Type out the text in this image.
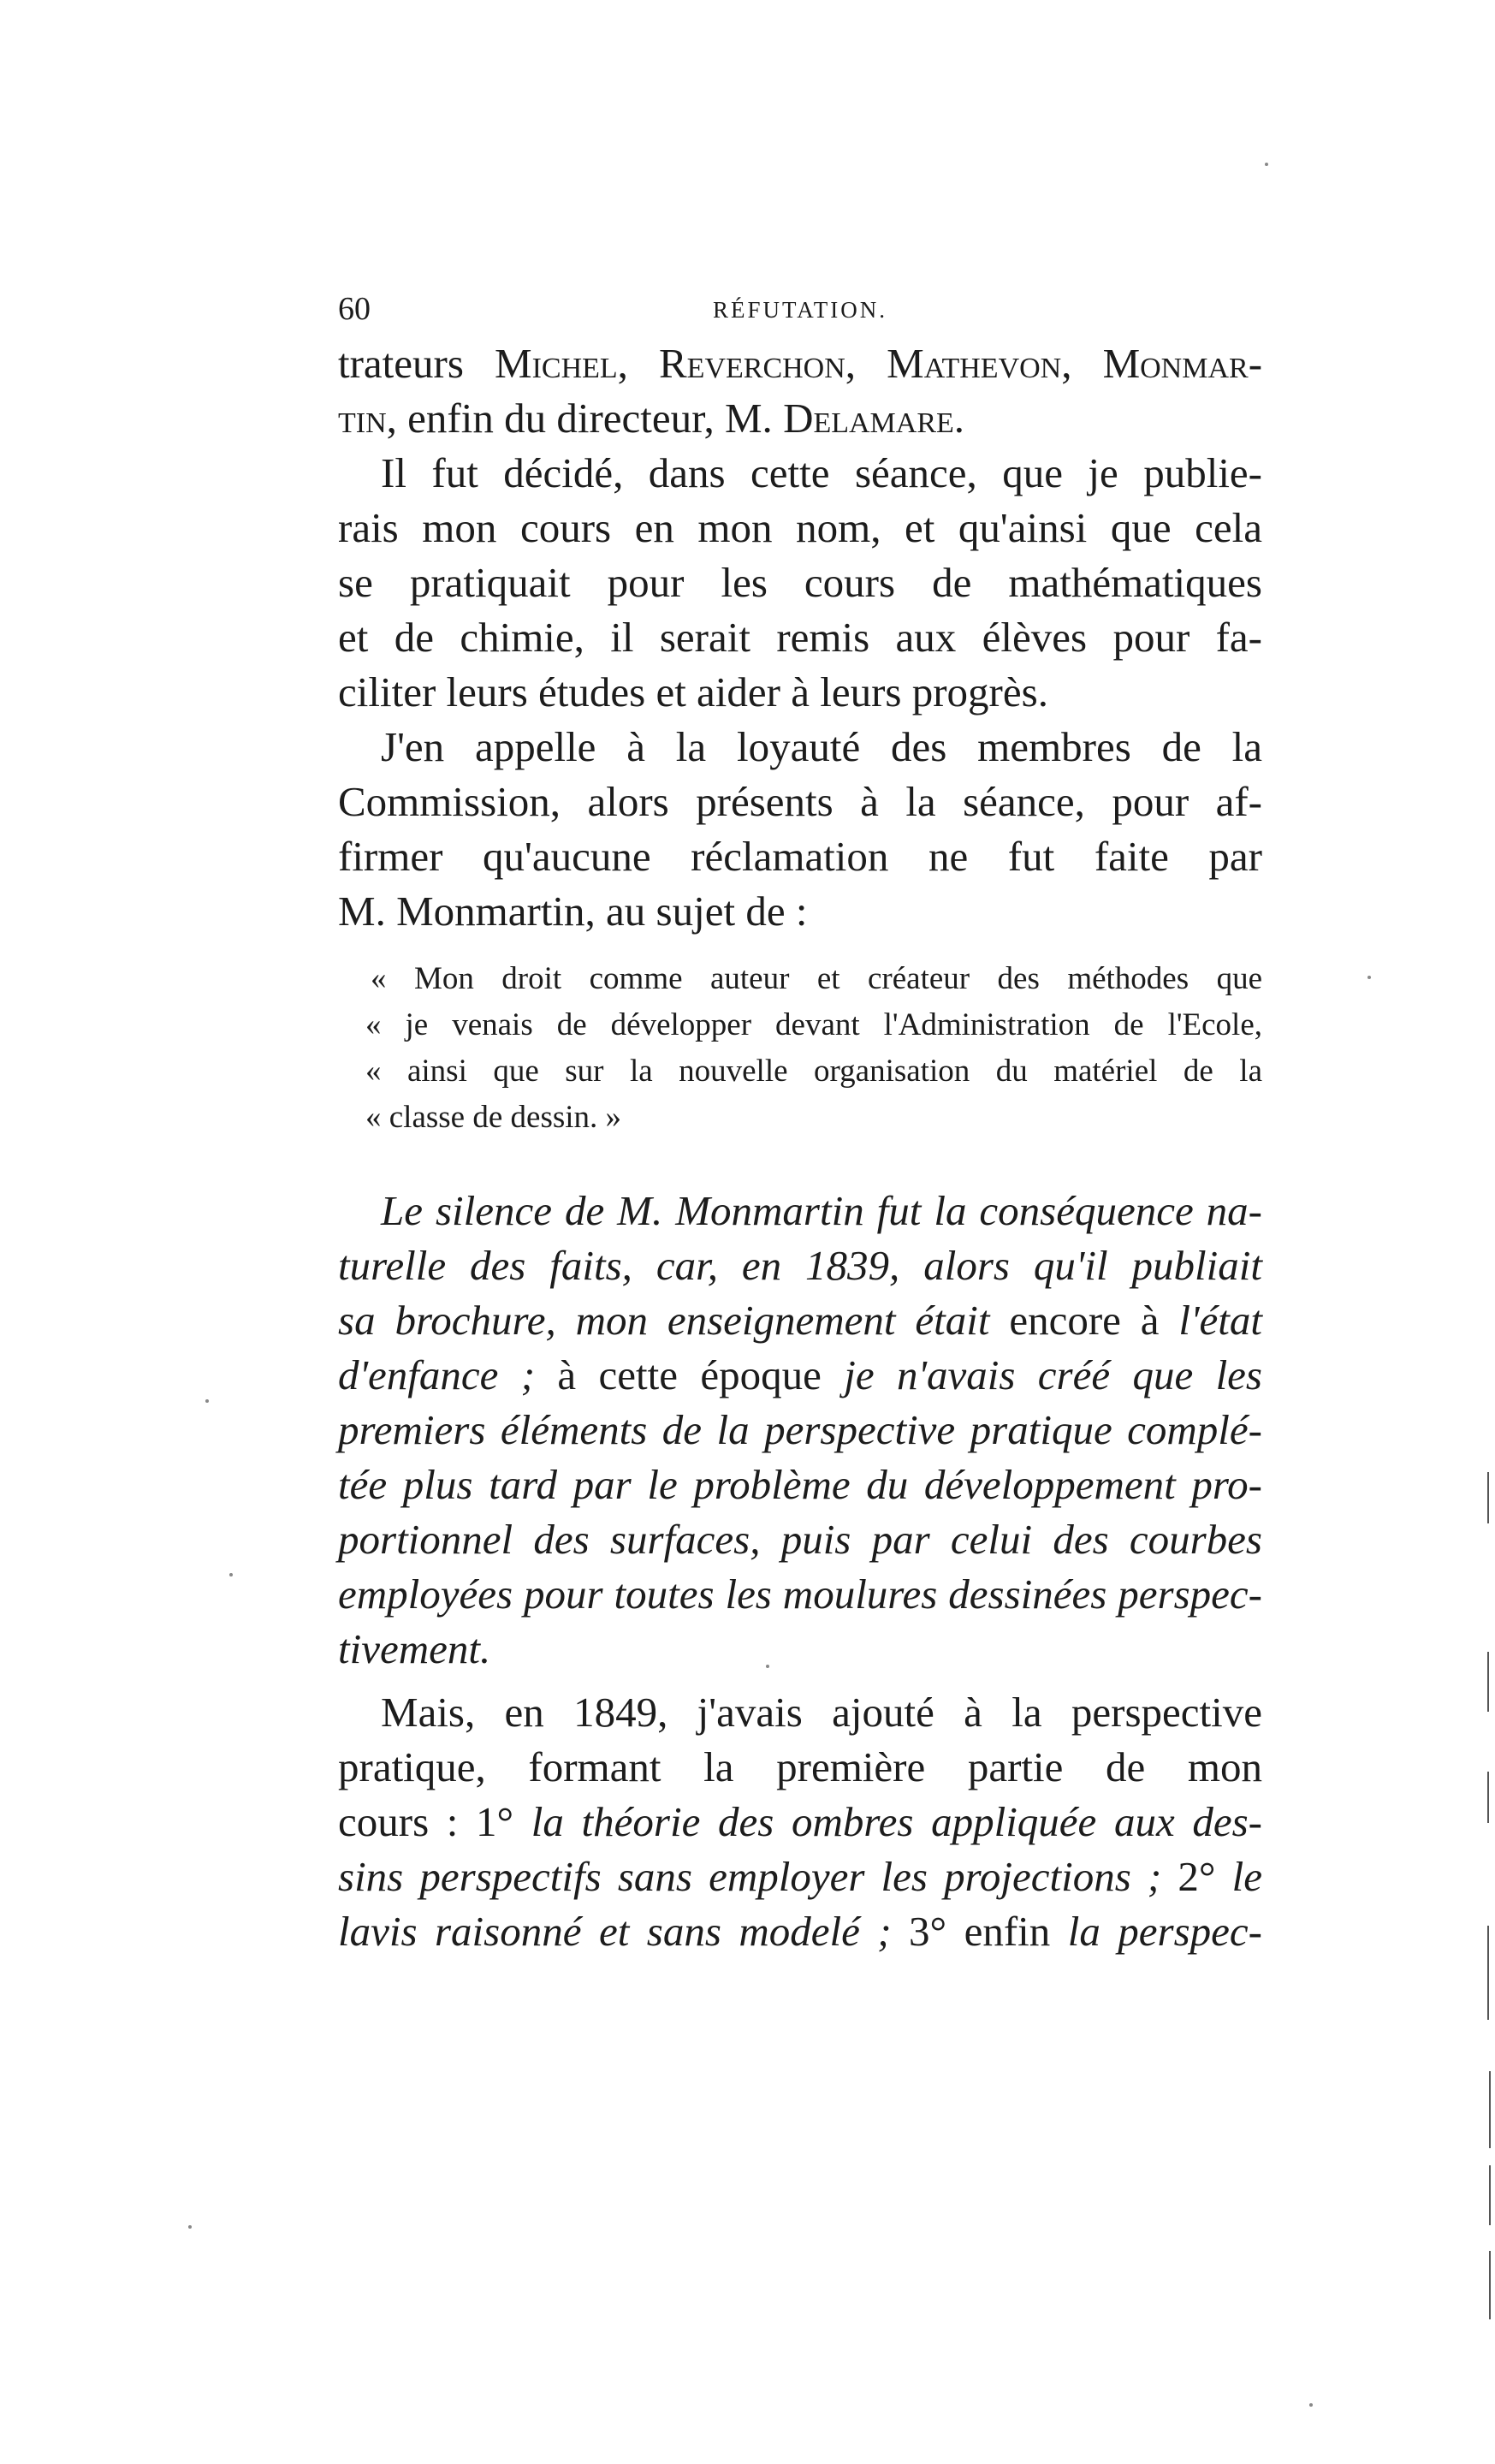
60	RÉFUTATION.
trateurs Michel, Reverchon, Mathevon, Monmar-
tin, enfin du directeur, M. Delamare.
Il fut décidé, dans cette séance, que je publie-
rais mon cours en mon nom, et qu'ainsi que cela
se pratiquait pour les cours de mathématiques
et de chimie, il serait remis aux élèves pour fa-
ciliter leurs études et aider à leurs progrès.
J'en appelle à la loyauté des membres de la
Commission, alors présents à la séance, pour af-
firmer qu'aucune réclamation ne fut faite par
M. Monmartin, au sujet de :
« Mon droit comme auteur et créateur des méthodes que
« je venais de développer devant l'Administration de l'Ecole,
« ainsi que sur la nouvelle organisation du matériel de la
« classe de dessin. »
Le silence de M. Monmartin fut la conséquence na-
turelle des faits, car, en 1839, alors qu'il publiait
sa brochure, mon enseignement était encore à l'état
d'enfance ; à cette époque je n'avais créé que les
premiers éléments de la perspective pratique complé-
tée plus tard par le problème du développement pro-
portionnel des surfaces, puis par celui des courbes
employées pour toutes les moulures dessinées perspec-
tivement.
Mais, en 1849, j'avais ajouté à la perspective
pratique, formant la première partie de mon
cours : 1° la théorie des ombres appliquée aux des-
sins perspectifs sans employer les projections ; 2° le
lavis raisonné et sans modelé ; 3° enfin la perspec-
